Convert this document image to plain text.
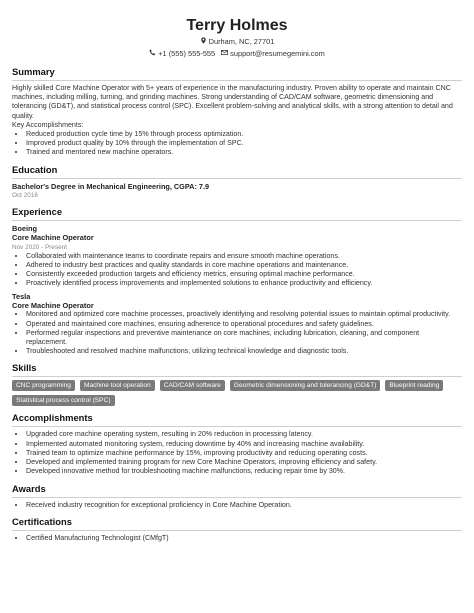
Terry Holmes
Durham, NC, 27701
+1 (555) 555-555	support@resumegemini.com
Summary
Highly skilled Core Machine Operator with 5+ years of experience in the manufacturing industry. Proven ability to operate and maintain CNC machines, including milling, turning, and grinding machines. Strong understanding of CAD/CAM software, geometric dimensioning and tolerancing (GD&T), and statistical process control (SPC). Excellent problem-solving and analytical skills, with a strong attention to detail and quality.
Key Accomplishments:
• Reduced production cycle time by 15% through process optimization.
• Improved product quality by 10% through the implementation of SPC.
• Trained and mentored new machine operators.
Education
Bachelor's Degree in Mechanical Engineering, CGPA: 7.9
Oct 2016
Experience
Boeing
Core Machine Operator
Nov 2020 - Present
• Collaborated with maintenance teams to coordinate repairs and ensure smooth machine operations.
• Adhered to industry best practices and quality standards in core machine operations and maintenance.
• Consistently exceeded production targets and efficiency metrics, ensuring optimal machine performance.
• Proactively identified process improvements and implemented solutions to enhance productivity and efficiency.
Tesla
Core Machine Operator
• Monitored and optimized core machine processes, proactively identifying and resolving potential issues to maintain optimal productivity.
• Operated and maintained core machines, ensuring adherence to operational procedures and safety guidelines.
• Performed regular inspections and preventive maintenance on core machines, including lubrication, cleaning, and component replacement.
• Troubleshooted and resolved machine malfunctions, utilizing technical knowledge and diagnostic tools.
Skills
CNC programming	Machine tool operation	CAD/CAM software	Geometric dimensioning and tolerancing (GD&T)	Blueprint reading
Statistical process control (SPC)
Accomplishments
• Upgraded core machine operating system, resulting in 20% reduction in processing latency.
• Implemented automated monitoring system, reducing downtime by 40% and increasing machine availability.
• Trained team to optimize machine performance by 15%, improving productivity and reducing operating costs.
• Developed and implemented training program for new Core Machine Operators, improving efficiency and safety.
• Developed innovative method for troubleshooting machine malfunctions, reducing repair time by 30%.
Awards
• Received industry recognition for exceptional proficiency in Core Machine Operation.
Certifications
• Certified Manufacturing Technologist (CMfgT)
